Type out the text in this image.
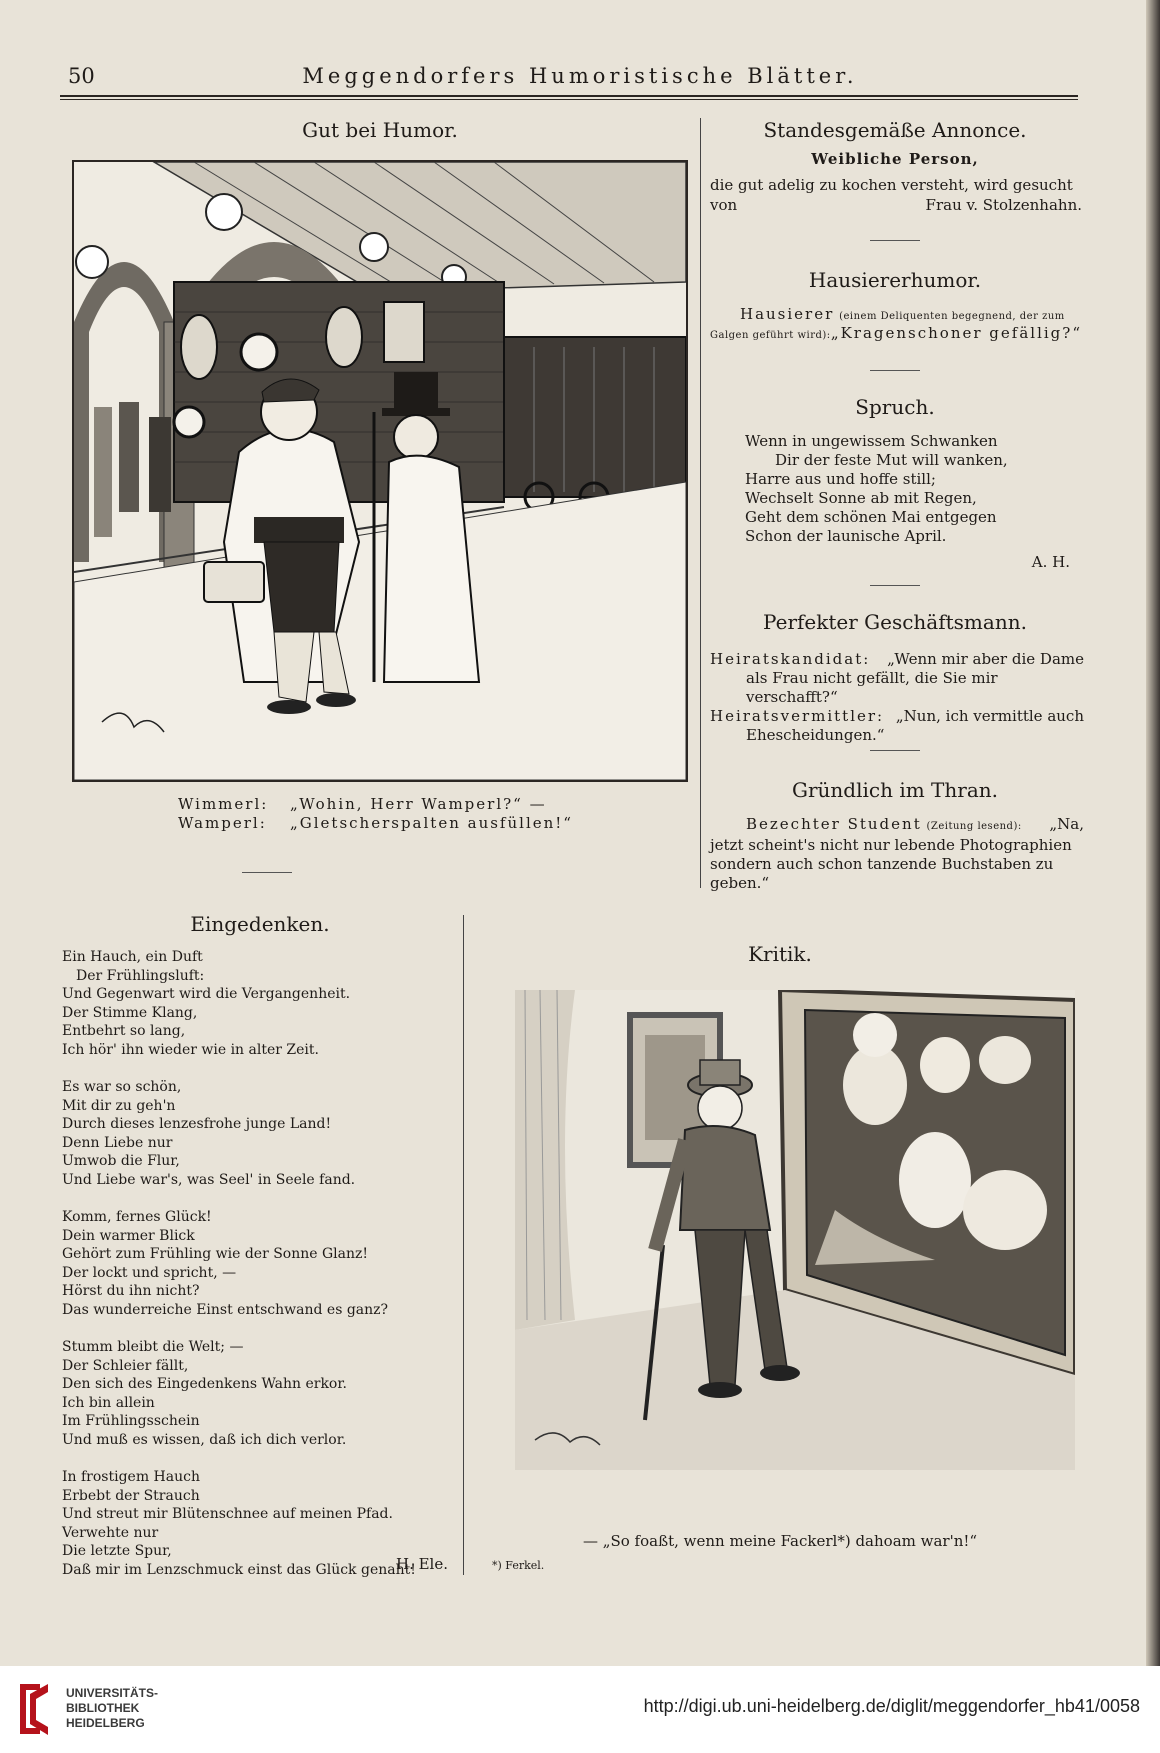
50	Meggendorfers Humoristische Blätter.
Gut bei Humor.
Wimmerl: „Wohin, Herr Wamperl?“ —
Wamperl: „Gletscherspalten ausfüllen!“
Standesgemäße Annonce.
Weibliche Person,
die gut adelig zu kochen versteht, wird gesucht
von	Frau v. Stolzenhahn.
Hausiererhumor.
Hausierer (einem Deliquenten begegnend, der zum
Galgen geführt wird): „Kragenschoner gefällig?“
Spruch.
Wenn in ungewissem Schwanken
Dir der feste Mut will wanken,
Harre aus und hoffe still;
Wechselt Sonne ab mit Regen,
Geht dem schönen Mai entgegen
Schon der launische April.
A. H.
Perfekter Geschäftsmann.
Heiratskandidat: „Wenn mir aber die Dame
als Frau nicht gefällt, die Sie mir verschafft?“
Heiratsvermittler: „Nun, ich vermittle auch
Ehescheidungen.“
Gründlich im Thran.
Bezechter Student (Zeitung lesend): „Na,
jetzt scheint's nicht nur lebende Photographien
sondern auch schon tanzende Buchstaben zu
geben.“
Eingedenken.
Ein Hauch, ein Duft
Der Frühlingsluft:
Und Gegenwart wird die Vergangenheit.
Der Stimme Klang,
Entbehrt so lang,
Ich hör' ihn wieder wie in alter Zeit.
Es war so schön,
Mit dir zu geh'n
Durch dieses lenzesfrohe junge Land!
Denn Liebe nur
Umwob die Flur,
Und Liebe war's, was Seel' in Seele fand.
Komm, fernes Glück!
Dein warmer Blick
Gehört zum Frühling wie der Sonne Glanz!
Der lockt und spricht, —
Hörst du ihn nicht?
Das wunderreiche Einst entschwand es ganz?
Stumm bleibt die Welt; —
Der Schleier fällt,
Den sich des Eingedenkens Wahn erkor.
Ich bin allein
Im Frühlingsschein
Und muß es wissen, daß ich dich verlor.
In frostigem Hauch
Erbebt der Strauch
Und streut mir Blütenschnee auf meinen Pfad.
Verwehte nur
Die letzte Spur,
Daß mir im Lenzschmuck einst das Glück genaht!
H. Ele.
Kritik.
— „So foaßt, wenn meine Fackerl*) dahoam war'n!“
*) Ferkel.
UNIVERSITÄTS-
BIBLIOTHEK
HEIDELBERG
http://digi.ub.uni-heidelberg.de/diglit/meggendorfer_hb41/0058
